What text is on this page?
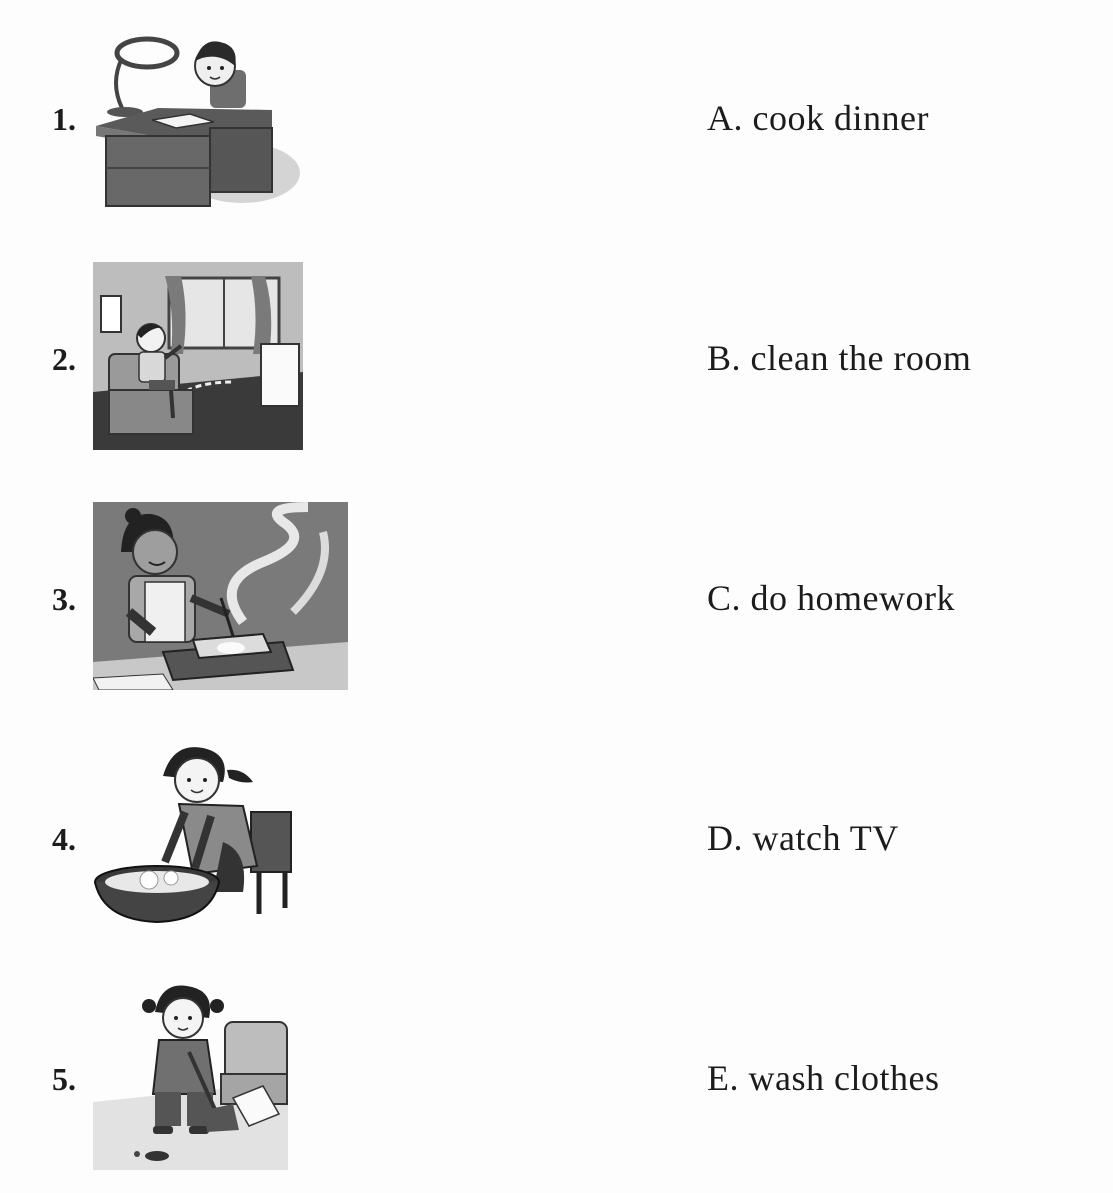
1.	A. cook dinner
2.	B. clean the room
3.	C. do homework
4.	D. watch TV
5.	E. wash clothes
